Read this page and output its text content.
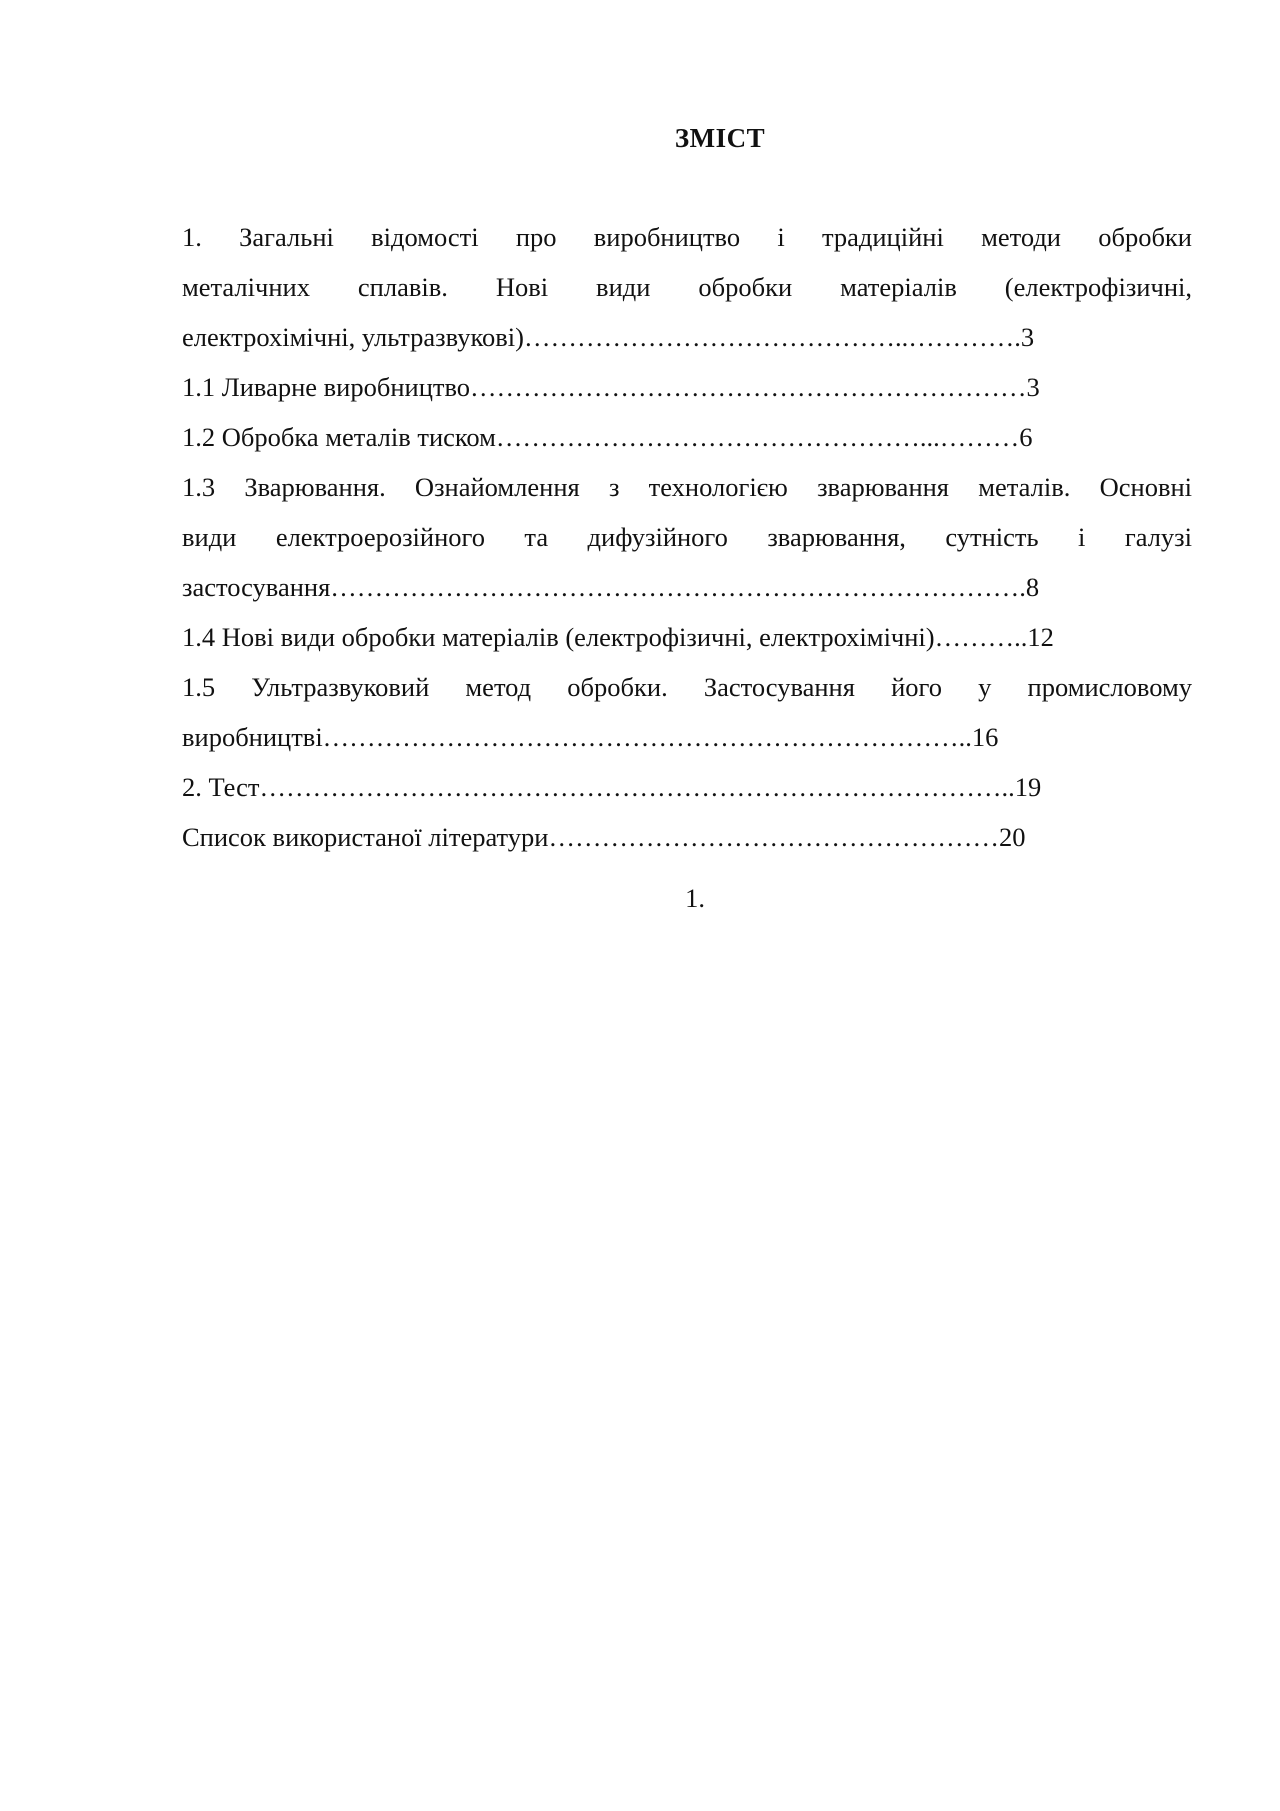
ЗМІСТ
1. Загальні відомості про виробництво і традиційні методи обробки
металічних сплавів. Нові види обробки матеріалів (електрофізичні,
електрохімічні, ультразвукові)……………………………………..………….3
1.1 Ливарне виробництво………………………………………………………3
1.2 Обробка металів тиском…………………………………………...………6
1.3 Зварювання. Ознайомлення з технологією зварювання металів. Основні
види електроерозійного та дифузійного зварювання, сутність і галузі
застосування…………………………………………………………………….8
1.4 Нові види обробки матеріалів (електрофізичні, електрохімічні)………..12
1.5 Ультразвуковий метод обробки. Застосування його у промисловому
виробництві………………………………………………………………..16
2. Тест…………………………………………………………………………..19
Список використаної літератури……………………………………………20
1.
